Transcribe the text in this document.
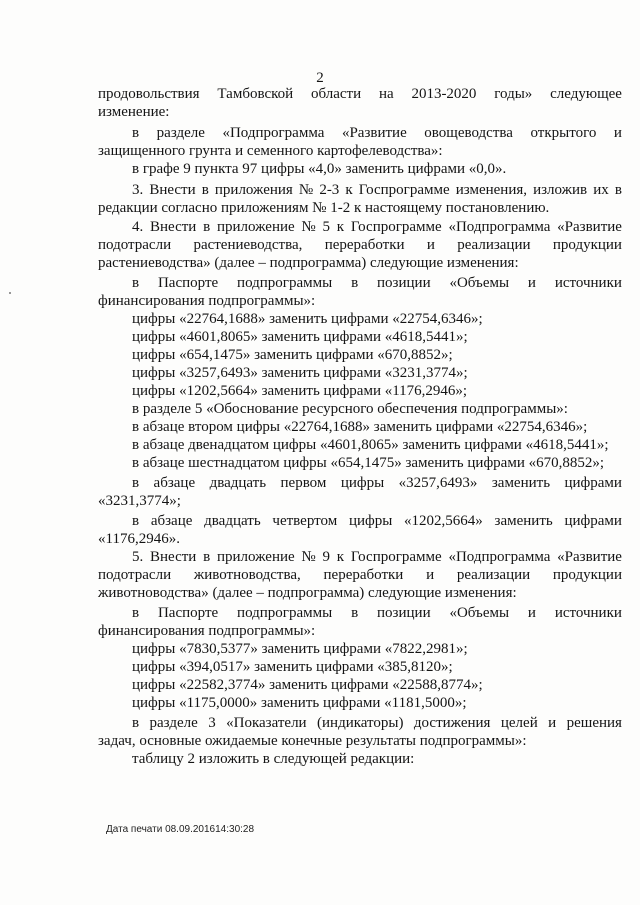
2
продовольствия Тамбовской области на 2013-2020 годы» следующее
изменение:
в разделе «Подпрограмма «Развитие овощеводства открытого и
защищенного грунта и семенного картофелеводства»:
в графе 9 пункта 97 цифры «4,0» заменить цифрами «0,0».
3. Внести в приложения № 2-3 к Госпрограмме изменения, изложив их в
редакции согласно приложениям № 1-2 к настоящему постановлению.
4. Внести в приложение № 5 к Госпрограмме «Подпрограмма «Развитие
подотрасли растениеводства, переработки и реализации продукции
растениеводства» (далее – подпрограмма) следующие изменения:
в Паспорте подпрограммы в позиции «Объемы и источники
финансирования подпрограммы»:
цифры «22764,1688» заменить цифрами «22754,6346»;
цифры «4601,8065» заменить цифрами «4618,5441»;
цифры «654,1475» заменить цифрами «670,8852»;
цифры «3257,6493» заменить цифрами «3231,3774»;
цифры «1202,5664» заменить цифрами «1176,2946»;
в разделе 5 «Обоснование ресурсного обеспечения подпрограммы»:
в абзаце втором цифры «22764,1688» заменить цифрами «22754,6346»;
в абзаце двенадцатом цифры «4601,8065» заменить цифрами «4618,5441»;
в абзаце шестнадцатом цифры «654,1475» заменить цифрами «670,8852»;
в абзаце двадцать первом цифры «3257,6493» заменить цифрами
«3231,3774»;
в абзаце двадцать четвертом цифры «1202,5664» заменить цифрами
«1176,2946».
5. Внести в приложение № 9 к Госпрограмме «Подпрограмма «Развитие
подотрасли животноводства, переработки и реализации продукции
животноводства» (далее – подпрограмма) следующие изменения:
в Паспорте подпрограммы в позиции «Объемы и источники
финансирования подпрограммы»:
цифры «7830,5377» заменить цифрами «7822,2981»;
цифры «394,0517» заменить цифрами «385,8120»;
цифры «22582,3774» заменить цифрами «22588,8774»;
цифры «1175,0000» заменить цифрами «1181,5000»;
в разделе 3 «Показатели (индикаторы) достижения целей и решения
задач, основные ожидаемые конечные результаты подпрограммы»:
таблицу 2 изложить в следующей редакции:
Дата печати 08.09.201614:30:28
